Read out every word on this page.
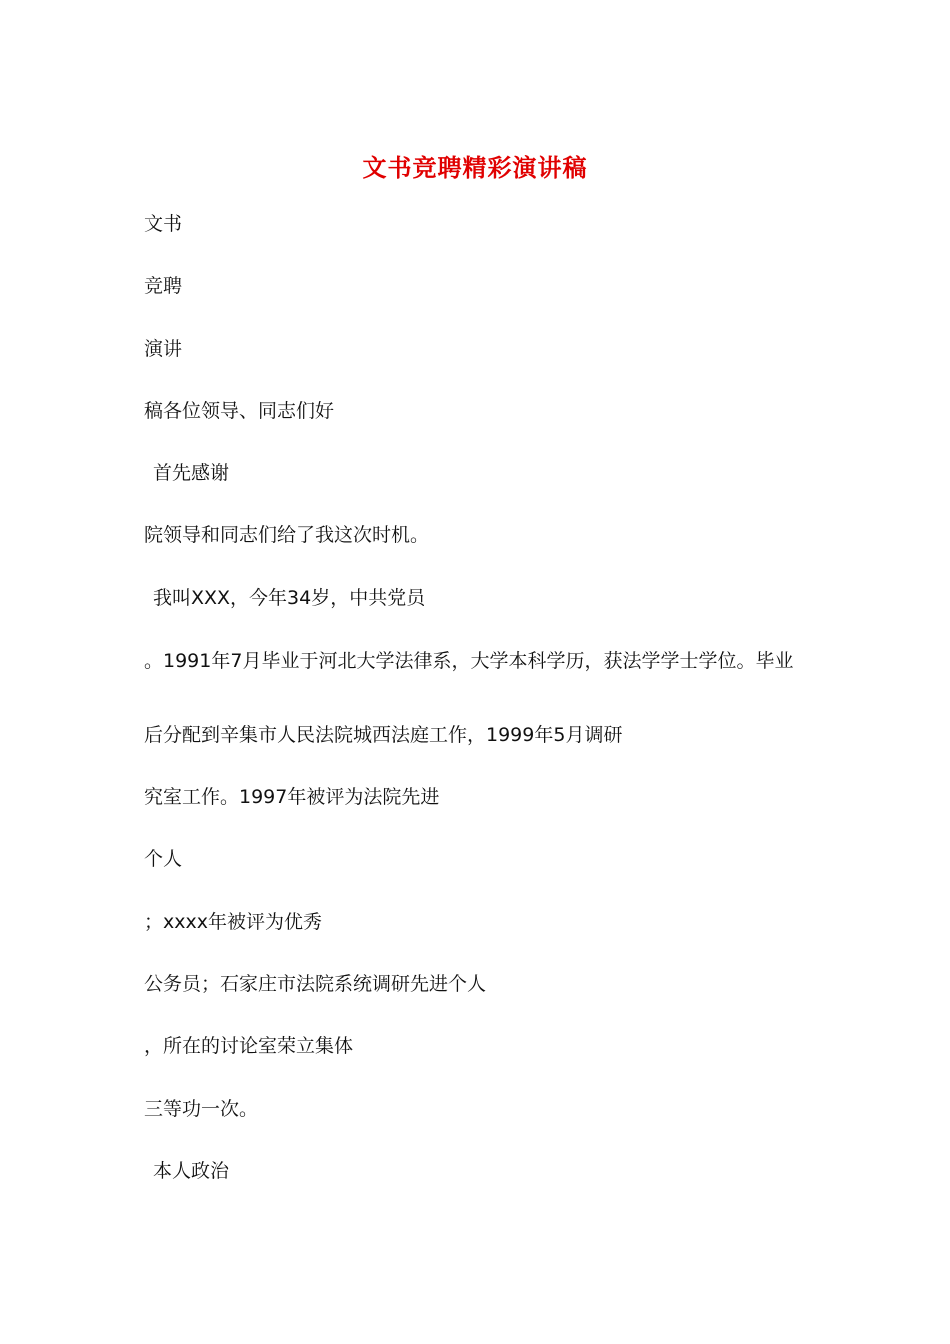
文书竞聘精彩演讲稿
文书
竞聘
演讲
稿各位领导、同志们好
首先感谢
院领导和同志们给了我这次时机。
我叫XXX，今年34岁，中共党员
。1991年7月毕业于河北大学法律系，大学本科学历，获法学学士学位。毕业
后分配到辛集市人民法院城西法庭工作，1999年5月调研
究室工作。1997年被评为法院先进
个人
；xxxx年被评为优秀
公务员；石家庄市法院系统调研先进个人
，所在的讨论室荣立集体
三等功一次。
本人政治
